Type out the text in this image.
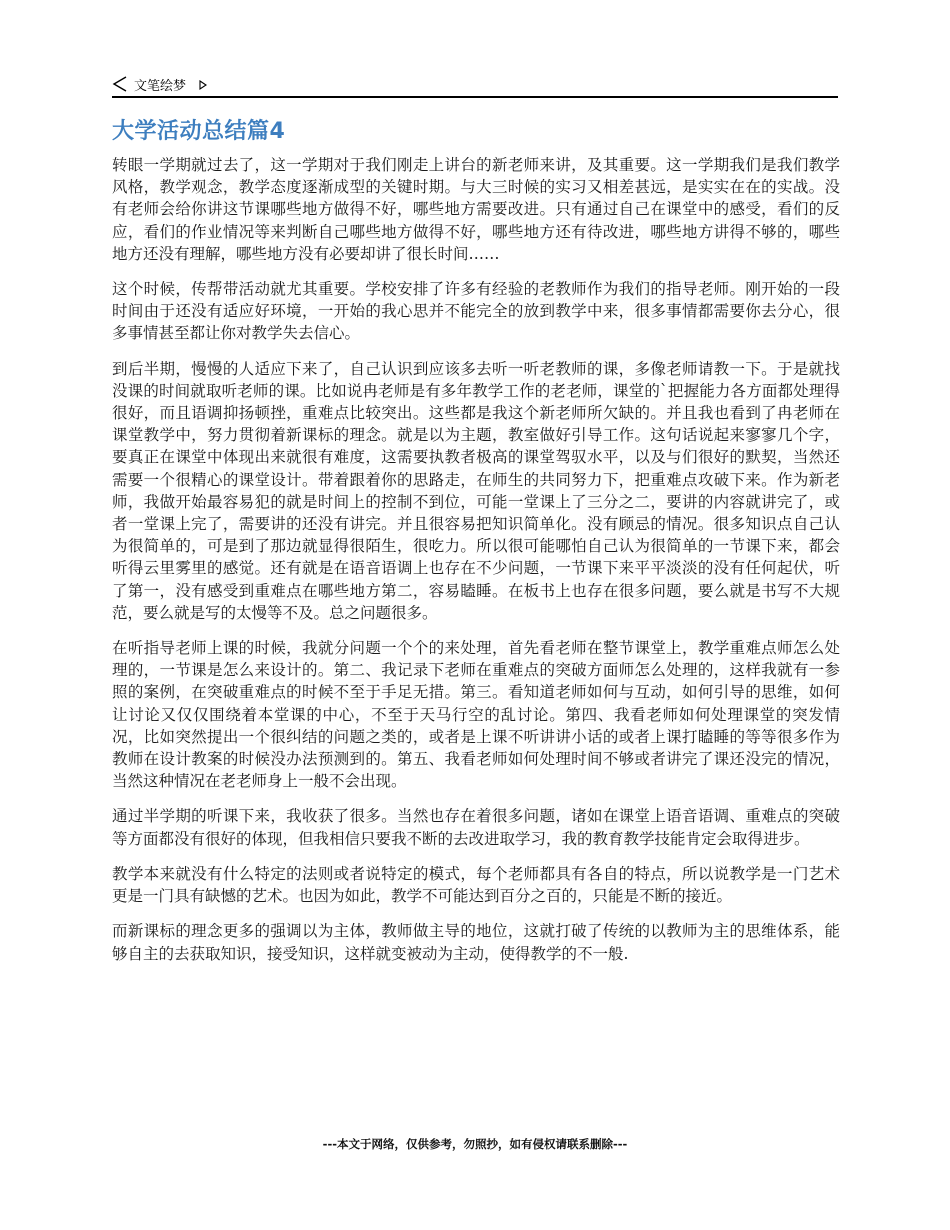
文笔绘梦
大学活动总结篇4

转眼一学期就过去了，这一学期对于我们刚走上讲台的新老师来讲，及其重要。这一学期我们是我们教学风格，教学观念，教学态度逐渐成型的关键时期。与大三时候的实习又相差甚远，是实实在在的实战。没有老师会给你讲这节课哪些地方做得不好，哪些地方需要改进。只有通过自己在课堂中的感受，看们的反应，看们的作业情况等来判断自己哪些地方做得不好，哪些地方还有待改进，哪些地方讲得不够的，哪些地方还没有理解，哪些地方没有必要却讲了很长时间……

这个时候，传帮带活动就尤其重要。学校安排了许多有经验的老教师作为我们的指导老师。刚开始的一段时间由于还没有适应好环境，一开始的我心思并不能完全的放到教学中来，很多事情都需要你去分心，很多事情甚至都让你对教学失去信心。

到后半期，慢慢的人适应下来了，自己认识到应该多去听一听老教师的课，多像老师请教一下。于是就找没课的时间就取听老师的课。比如说冉老师是有多年教学工作的老老师，课堂的`把握能力各方面都处理得很好，而且语调抑扬顿挫，重难点比较突出。这些都是我这个新老师所欠缺的。并且我也看到了冉老师在课堂教学中，努力贯彻着新课标的理念。就是以为主题，教室做好引导工作。这句话说起来寥寥几个字，要真正在课堂中体现出来就很有难度，这需要执教者极高的课堂驾驭水平，以及与们很好的默契，当然还需要一个很精心的课堂设计。带着跟着你的思路走，在师生的共同努力下，把重难点攻破下来。作为新老师，我做开始最容易犯的就是时间上的控制不到位，可能一堂课上了三分之二，要讲的内容就讲完了，或者一堂课上完了，需要讲的还没有讲完。并且很容易把知识简单化。没有顾忌的情况。很多知识点自己认为很简单的，可是到了那边就显得很陌生，很吃力。所以很可能哪怕自己认为很简单的一节课下来，都会听得云里雾里的感觉。还有就是在语音语调上也存在不少问题，一节课下来平平淡淡的没有任何起伏，听了第一，没有感受到重难点在哪些地方第二，容易瞌睡。在板书上也存在很多问题，要么就是书写不大规范，要么就是写的太慢等不及。总之问题很多。

在听指导老师上课的时候，我就分问题一个个的来处理，首先看老师在整节课堂上，教学重难点师怎么处理的，一节课是怎么来设计的。第二、我记录下老师在重难点的突破方面师怎么处理的，这样我就有一参照的案例，在突破重难点的时候不至于手足无措。第三。看知道老师如何与互动，如何引导的思维，如何让讨论又仅仅围绕着本堂课的中心，不至于天马行空的乱讨论。第四、我看老师如何处理课堂的突发情况，比如突然提出一个很纠结的问题之类的，或者是上课不听讲讲小话的或者上课打瞌睡的等等很多作为教师在设计教案的时候没办法预测到的。第五、我看老师如何处理时间不够或者讲完了课还没完的情况，当然这种情况在老老师身上一般不会出现。

通过半学期的听课下来，我收获了很多。当然也存在着很多问题，诸如在课堂上语音语调、重难点的突破等方面都没有很好的体现，但我相信只要我不断的去改进取学习，我的教育教学技能肯定会取得进步。

教学本来就没有什么特定的法则或者说特定的模式，每个老师都具有各自的特点，所以说教学是一门艺术更是一门具有缺憾的艺术。也因为如此，教学不可能达到百分之百的，只能是不断的接近。

而新课标的理念更多的强调以为主体，教师做主导的地位，这就打破了传统的以教师为主的思维体系，能够自主的去获取知识，接受知识，这样就变被动为主动，使得教学的不一般.

---本文于网络，仅供参考，勿照抄，如有侵权请联系删除---
